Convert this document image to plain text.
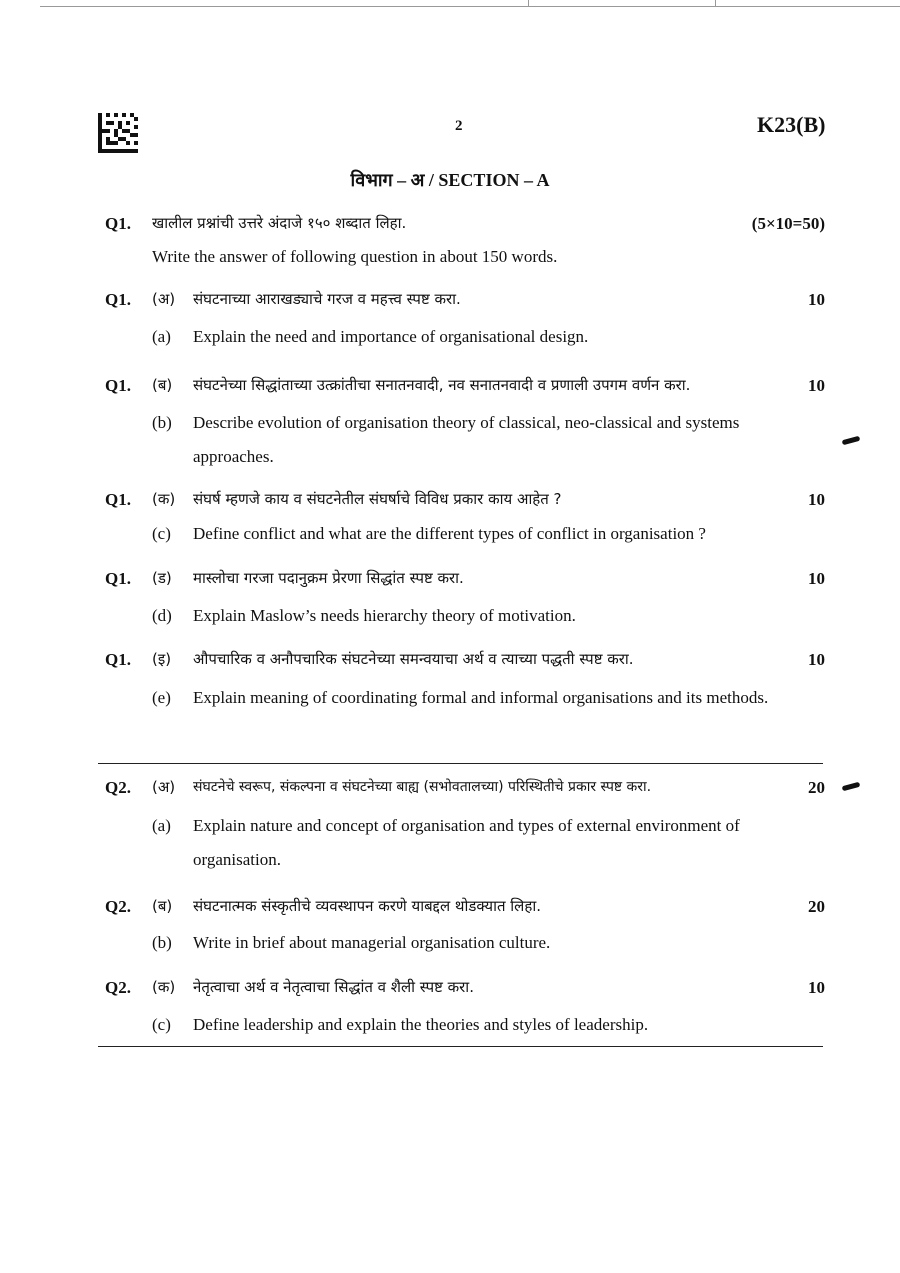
2	K23(B)
विभाग – अ / SECTION – A
Q1. खालील प्रश्नांची उत्तरे अंदाजे १५० शब्दात लिहा.	(5×10=50)
Write the answer of following question in about 150 words.
Q1. (अ) संघटनाच्या आराखड्याचे गरज व महत्त्व स्पष्ट करा.	10
(a) Explain the need and importance of organisational design.
Q1. (ब) संघटनेच्या सिद्धांताच्या उत्क्रांतीचा सनातनवादी, नव सनातनवादी व प्रणाली उपगम वर्णन करा.	10
(b) Describe evolution of organisation theory of classical, neo-classical and systems approaches.
Q1. (क) संघर्ष म्हणजे काय व संघटनेतील संघर्षाचे विविध प्रकार काय आहेत ?	10
(c) Define conflict and what are the different types of conflict in organisation ?
Q1. (ड) मास्लोचा गरजा पदानुक्रम प्रेरणा सिद्धांत स्पष्ट करा.	10
(d) Explain Maslow’s needs hierarchy theory of motivation.
Q1. (इ) औपचारिक व अनौपचारिक संघटनेच्या समन्वयाचा अर्थ व त्याच्या पद्धती स्पष्ट करा.	10
(e) Explain meaning of coordinating formal and informal organisations and its methods.
Q2. (अ) संघटनेचे स्वरूप, संकल्पना व संघटनेच्या बाह्य (सभोवतालच्या) परिस्थितीचे प्रकार स्पष्ट करा.	20
(a) Explain nature and concept of organisation and types of external environment of organisation.
Q2. (ब) संघटनात्मक संस्कृतीचे व्यवस्थापन करणे याबद्दल थोडक्यात लिहा.	20
(b) Write in brief about managerial organisation culture.
Q2. (क) नेतृत्वाचा अर्थ व नेतृत्वाचा सिद्धांत व शैली स्पष्ट करा.	10
(c) Define leadership and explain the theories and styles of leadership.
